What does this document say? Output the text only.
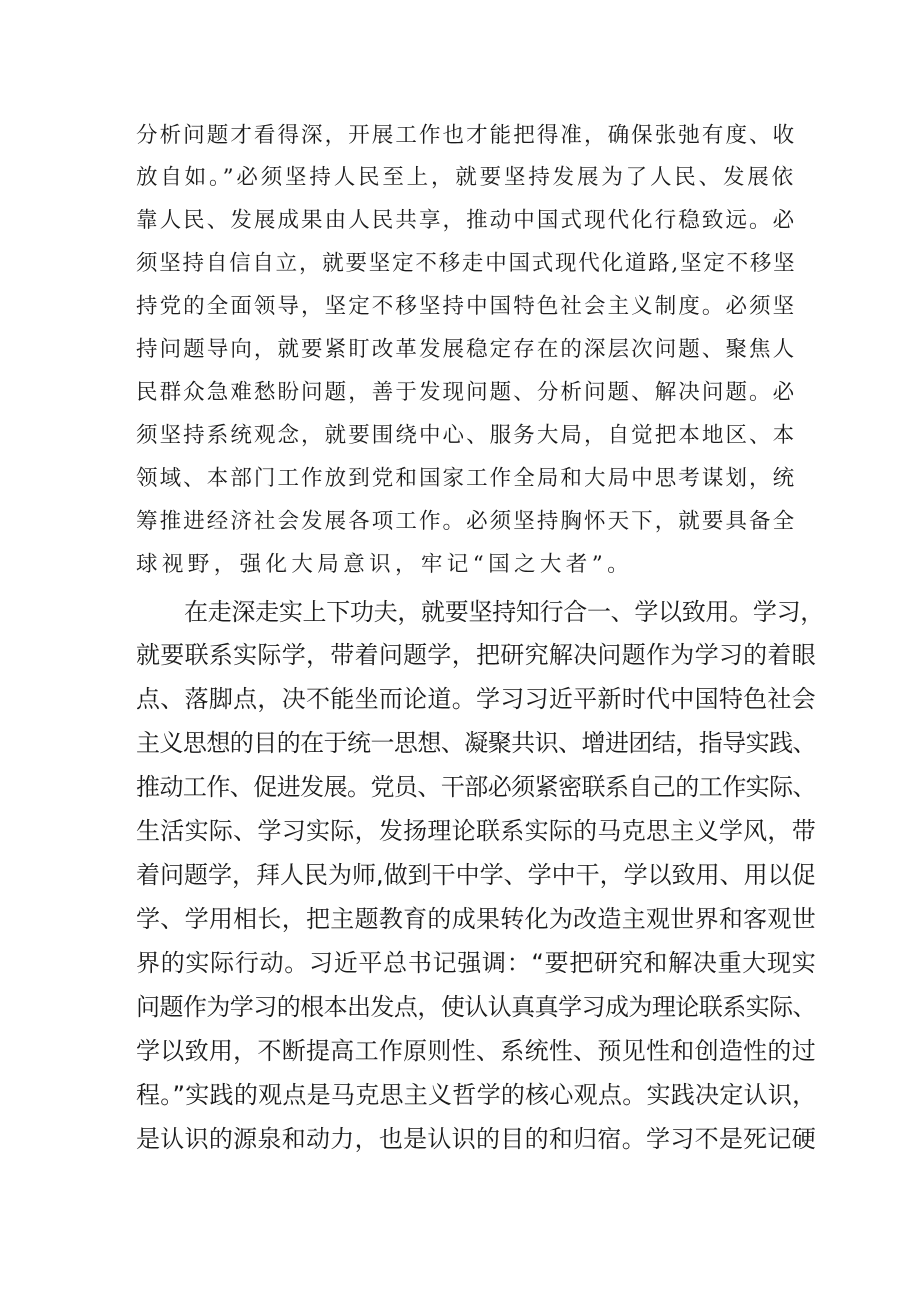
分析问题才看得深，开展工作也才能把得准，确保张弛有度、收
放自如。”必须坚持人民至上，就要坚持发展为了人民、发展依
靠人民、发展成果由人民共享，推动中国式现代化行稳致远。必
须坚持自信自立，就要坚定不移走中国式现代化道路,坚定不移坚
持党的全面领导，坚定不移坚持中国特色社会主义制度。必须坚
持问题导向，就要紧盯改革发展稳定存在的深层次问题、聚焦人
民群众急难愁盼问题，善于发现问题、分析问题、解决问题。必
须坚持系统观念，就要围绕中心、服务大局，自觉把本地区、本
领域、本部门工作放到党和国家工作全局和大局中思考谋划，统
筹推进经济社会发展各项工作。必须坚持胸怀天下，就要具备全
球视野，强化大局意识，牢记“国之大者”。
在走深走实上下功夫，就要坚持知行合一、学以致用。学习，
就要联系实际学，带着问题学，把研究解决问题作为学习的着眼
点、落脚点，决不能坐而论道。学习习近平新时代中国特色社会
主义思想的目的在于统一思想、凝聚共识、增进团结，指导实践、
推动工作、促进发展。党员、干部必须紧密联系自己的工作实际、
生活实际、学习实际，发扬理论联系实际的马克思主义学风，带
着问题学，拜人民为师,做到干中学、学中干，学以致用、用以促
学、学用相长，把主题教育的成果转化为改造主观世界和客观世
界的实际行动。习近平总书记强调：“要把研究和解决重大现实
问题作为学习的根本出发点，使认认真真学习成为理论联系实际、
学以致用，不断提高工作原则性、系统性、预见性和创造性的过
程。”实践的观点是马克思主义哲学的核心观点。实践决定认识，
是认识的源泉和动力，也是认识的目的和归宿。学习不是死记硬
